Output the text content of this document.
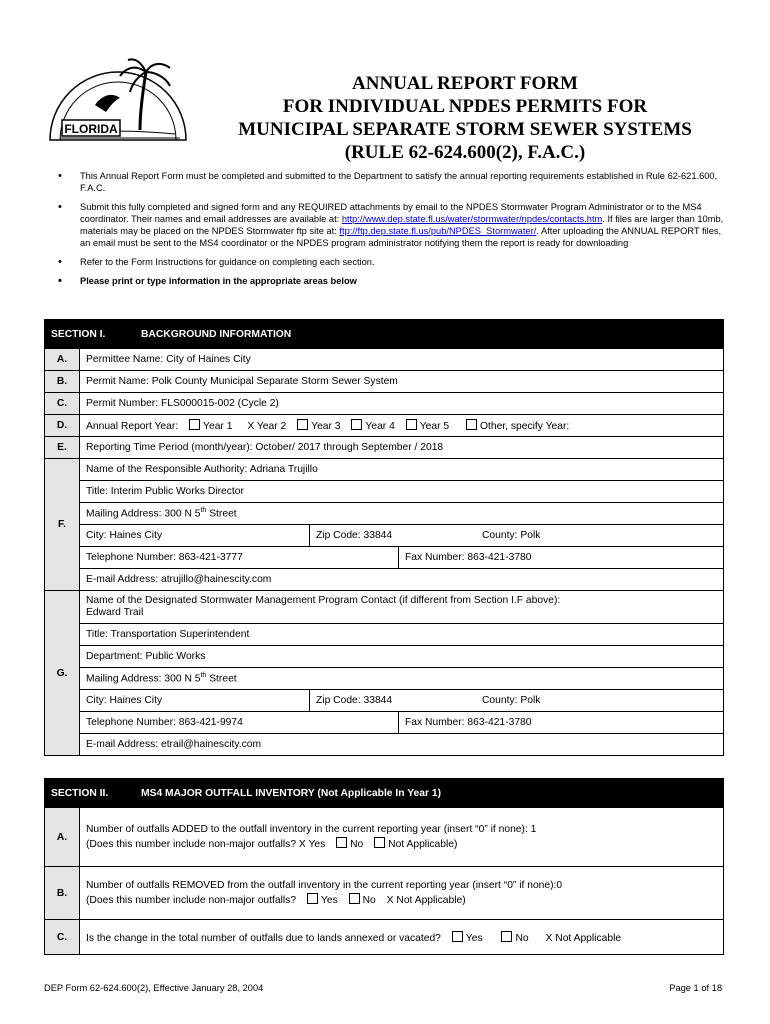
FLORIDA
ANNUAL REPORT FORM
FOR INDIVIDUAL NPDES PERMITS FOR
MUNICIPAL SEPARATE STORM SEWER SYSTEMS
(RULE 62-624.600(2), F.A.C.)
• This Annual Report Form must be completed and submitted to the Department to satisfy the annual reporting requirements established in Rule 62-621.600, F.A.C.
• Submit this fully completed and signed form and any REQUIRED attachments by email to the NPDES Stormwater Program Administrator or to the MS4 coordinator. Their names and email addresses are available at: http://www.dep.state.fl.us/water/stormwater/npdes/contacts.htm. If files are larger than 10mb, materials may be placed on the NPDES Stormwater ftp site at: ftp://ftp.dep.state.fl.us/pub/NPDES_Stormwater/. After uploading the ANNUAL REPORT files, an email must be sent to the MS4 coordinator or the NPDES program administrator notifying them the report is ready for downloading
• Refer to the Form Instructions for guidance on completing each section.
• Please print or type information in the appropriate areas below
SECTION I. BACKGROUND INFORMATION	
A.	Permittee Name: City of Haines City
B.	Permit Name: Polk County Municipal Separate Storm Sewer System
C.	Permit Number: FLS000015-002 (Cycle 2)
D.	Annual Report Year: Year 1 X Year 2 Year 3 Year 4 Year 5 Other, specify Year:
E.	Reporting Time Period (month/year): October/ 2017 through September / 2018
F.	Name of the Responsible Authority: Adriana Trujillo
	Title: Interim Public Works Director
	Mailing Address: 300 N 5th Street

City: Haines City Zip Code: 33844 County: Polk

Telephone Number: 863-421-3777 Fax Number: 863-421-3780

	E-mail Address: atrujillo@hainescity.com
G.	Name of the Designated Stormwater Management Program Contact (if different from Section I.F above):
Edward Trail

	Title: Transportation Superintendent
	Department: Public Works
	Mailing Address: 300 N 5th Street

City: Haines City Zip Code: 33844 County: Polk

Telephone Number: 863-421-9974 Fax Number: 863-421-3780

	E-mail Address: etrail@hainescity.com
SECTION II. MS4 MAJOR OUTFALL INVENTORY (Not Applicable In Year 1)	
A.	Number of outfalls ADDED to the outfall inventory in the current reporting year (insert “0” if none): 1
(Does this number include non-major outfalls? X Yes No Not Applicable)

B.	Number of outfalls REMOVED from the outfall inventory in the current reporting year (insert “0” if none):0
(Does this number include non-major outfalls? Yes No X Not Applicable)

C.	Is the change in the total number of outfalls due to lands annexed or vacated? Yes No X Not Applicable
DEP Form 62-624.600(2), Effective January 28, 2004	Page 1 of 18
